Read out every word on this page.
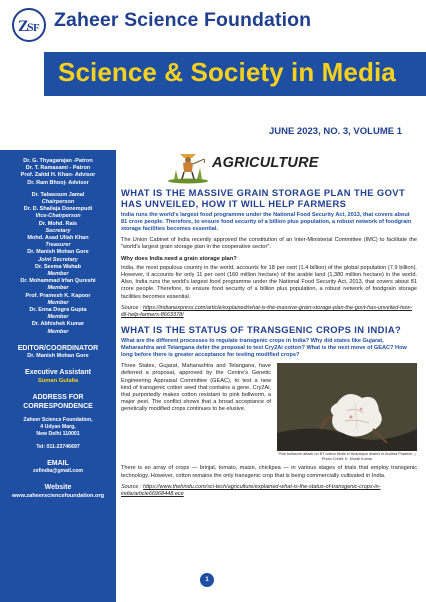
Z
S F Zaheer Science Foundation
Science & Society in Media
JUNE 2023, NO. 3, VOLUME 1
Dr. G. Thyagarajan -Patron
Dr. T. Ramasami - Patron
Prof. Zahid H. Khan- Advisor
Dr. Ram Bhooj- Advisor
Dr. Tabassum Jamal
Chairperson
Dr. D. Shailaja Donempudi
Vice-Chairperson
Dr. Mohd. Rais
Secretary
Mohd. Asad Ullah Khan
Treasurer
Dr. Manish Mohan Gore
Joint Secretary
Dr. Seema Wahab
Member
Dr. Mohammad Irfan Qureshi
Member
Prof. Pramesh K. Kapoor
Member
Dr. Enna Dogra Gupta
Member
Dr. Abhishek Kumar
Member
EDITOR/COORDINATOR
Dr. Manish Mohan Gore
Executive Assistant
Suman Gulalia
ADDRESS FOR
CORRESPONDENCE
Zaheer Science Foundation,
4 Udyan Marg,
New Delhi 110001
Tel: 011-23746697
EMAIL
zsfindia@gmail.com
Website
www.zaheersciencefoundation.org
AGRICULTURE
WHAT IS THE MASSIVE GRAIN STORAGE PLAN THE GOVT HAS UNVEILED, HOW IT WILL HELP FARMERS
India runs the world's largest food programme under the National Food Security Act, 2013, that covers about 81 crore people. Therefore, to ensure food security of a billion plus population, a robust network of foodgrain storage facilities becomes essential.
The Union Cabinet of India recently approved the constitution of an Inter-Ministerial Committee (IMC) to facilitate the "world's largest grain storage plan in the cooperative sector".
Why does India need a grain storage plan?
India, the most populous country in the world, accounts for 18 per cent (1.4 billion) of the global population (7.9 billion). However, it accounts for only 11 per cent (160 million hectare) of the arable land (1,380 million hectare) in the world. Also, India runs the world's largest food programme under the National Food Security Act, 2013, that covers about 81 crore people. Therefore, to ensure food security of a billion plus population, a robust network of foodgrain storage facilities becomes essential.
Source : https://indianexpress.com/article/explained/what-is-the-massive-grain-storage-plan-the-govt-has-unveiled-how-itll-help-farmers-8663378/
WHAT IS THE STATUS OF TRANSGENIC CROPS IN INDIA?
What are the different processes to regulate transgenic crops in India? Why did states like Gujarat, Maharashtra and Telangana defer the proposal to test Cry2Ai cotton? What is the next move of GEAC? How long before there is greater acceptance for testing modified crops?
Three States, Gujarat, Maharashtra and Telangana, have deferred a proposal, approved by the Centre's Genetic Engineering Appraisal Committee (GEAC), to test a new kind of transgenic cotton seed that contains a gene, Cry2Ai, that purportedly makes cotton resistant to pink bollworm, a major pest. The conflict shows that a broad acceptance of genetically modified crops continues to be elusive.
Pink bollworm attack on BT cotton fields in Anantapur district in Andhra Pradesh. | Photo Credit: K. Murali Kumar
There is an array of crops — brinjal, tomato, maize, chickpea — in various stages of trials that employ transgenic technology. However, cotton remains the only transgenic crop that is being commercially cultivated in India.
Source : https://www.thehindu.com/sci-tech/agriculture/explained-what-is-the-status-of-transgenic-crops-in-india/article66968448.ece
1
